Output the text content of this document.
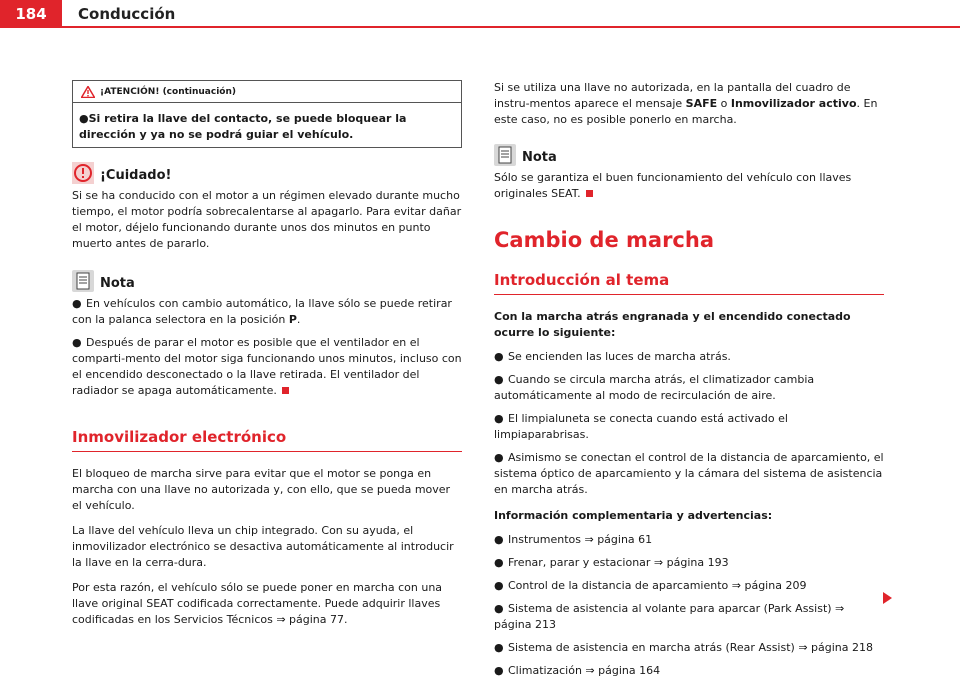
184	Conducción
¡ATENCIÓN! (continuación)
●Si retira la llave del contacto, se puede bloquear la dirección y ya no se podrá guiar el vehículo.
¡Cuidado!

Si se ha conducido con el motor a un régimen elevado durante mucho tiempo, el motor podría sobrecalentarse al apagarlo. Para evitar dañar el motor, déjelo funcionando durante unos dos minutos en punto muerto antes de pararlo.

Nota
● En vehículos con cambio automático, la llave sólo se puede retirar con la palanca selectora en la posición P.
● Después de parar el motor es posible que el ventilador en el comparti-mento del motor siga funcionando unos minutos, incluso con el encendido desconectado o la llave retirada. El ventilador del radiador se apaga automáticamente.
Inmovilizador electrónico

El bloqueo de marcha sirve para evitar que el motor se ponga en marcha con una llave no autorizada y, con ello, que se pueda mover el vehículo.

La llave del vehículo lleva un chip integrado. Con su ayuda, el inmovilizador electrónico se desactiva automáticamente al introducir la llave en la cerra-dura.

Por esta razón, el vehículo sólo se puede poner en marcha con una llave original SEAT codificada correctamente. Puede adquirir llaves codificadas en los Servicios Técnicos ⇒ página 77.

Si se utiliza una llave no autorizada, en la pantalla del cuadro de instru-mentos aparece el mensaje SAFE o Inmovilizador activo. En este caso, no es posible ponerlo en marcha.

Nota

Sólo se garantiza el buen funcionamiento del vehículo con llaves originales SEAT.

Cambio de marcha
Introducción al tema

Con la marcha atrás engranada y el encendido conectado ocurre lo siguiente:

● Se encienden las luces de marcha atrás.
● Cuando se circula marcha atrás, el climatizador cambia automáticamente al modo de recirculación de aire.
● El limpialuneta se conecta cuando está activado el limpiaparabrisas.
● Asimismo se conectan el control de la distancia de aparcamiento, el sistema óptico de aparcamiento y la cámara del sistema de asistencia en marcha atrás.

Información complementaria y advertencias:

● Instrumentos ⇒ página 61
● Frenar, parar y estacionar ⇒ página 193
● Control de la distancia de aparcamiento ⇒ página 209
● Sistema de asistencia al volante para aparcar (Park Assist) ⇒ página 213
● Sistema de asistencia en marcha atrás (Rear Assist) ⇒ página 218
● Climatización ⇒ página 164
